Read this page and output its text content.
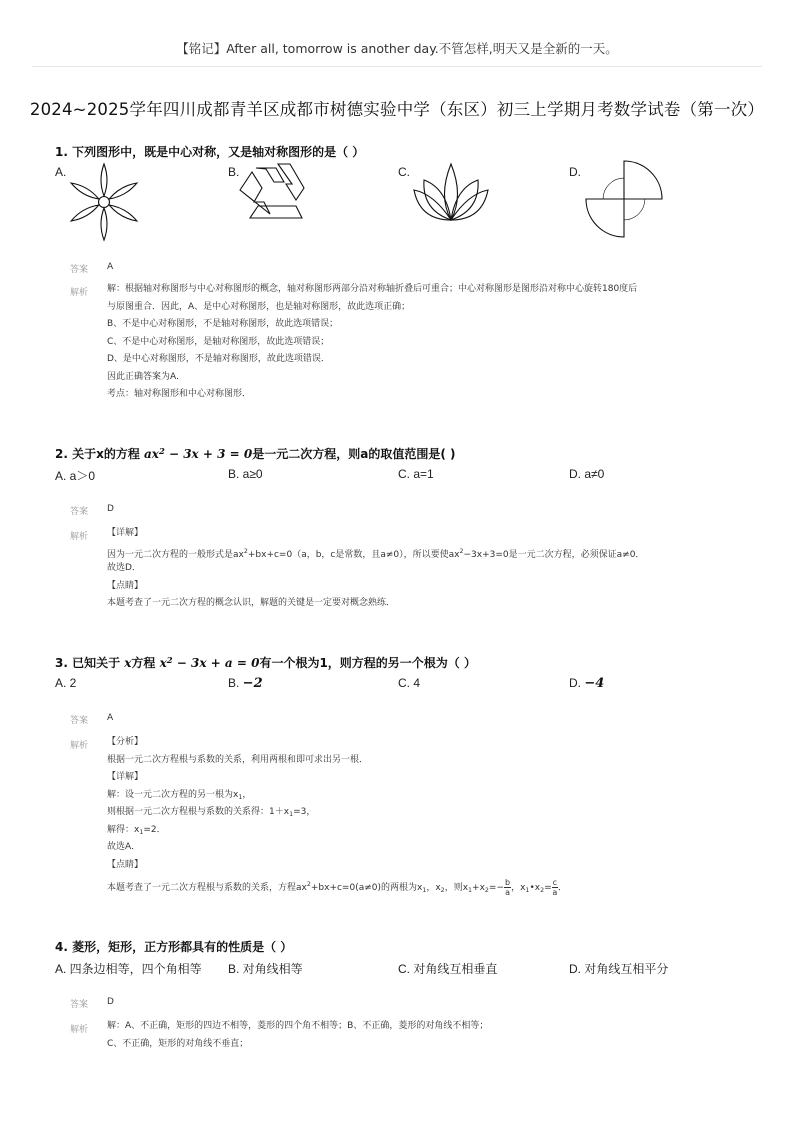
【铭记】After all, tomorrow is another day.不管怎样,明天又是全新的一天。
2024~2025学年四川成都青羊区成都市树德实验中学（东区）初三上学期月考数学试卷（第一次）
1. 下列图形中，既是中心对称，又是轴对称图形的是（ ）
A.	B.	C.	D.
答案 A
解析 解：根据轴对称图形与中心对称图形的概念，轴对称图形两部分沿对称轴折叠后可重合；中心对称图形是图形沿对称中心旋转180度后
与原图重合．因此，A、是中心对称图形，也是轴对称图形，故此选项正确；
B、不是中心对称图形，不是轴对称图形，故此选项错误；
C、不是中心对称图形，是轴对称图形，故此选项错误；
D、是中心对称图形，不是轴对称图形，故此选项错误．
因此正确答案为A．
考点：轴对称图形和中心对称图形．
2. 关于x的方程 $ax^2 - 3x + 3 = 0$是一元二次方程，则a的取值范围是( )
A. a＞0	B. a≥0	C. a=1	D. a≠0
答案 D
解析 【详解】
因为一元二次方程的一般形式是$ax^2+bx+c=0(a$，b，c是常数，且a≠0），所以要使$ax^2-3x+3=0$是一元二次方程，必须保证a≠0．
故选D．
【点睛】
本题考查了一元二次方程的概念认识，解题的关键是一定要对概念熟练．
3. 已知关于 x方程 $x^2 - 3x + a = 0$有一个根为1，则方程的另一个根为（ ）
A. 2	B. −2	C. 4	D. −4
答案 A
解析 【分析】
根据一元二次方程根与系数的关系，利用两根和即可求出另一根．
【详解】
解：设一元二次方程的另一根为$x_1$，
则根据一元二次方程根与系数的关系得：$1+x_1=3$，
解得：$x_1=2$．
故选A．
【点睛】
本题考查了一元二次方程根与系数的关系，方程$ax^2+bx+c=0(a\ne 0)$的两根为$x_1$，$x_2$，则$x_1+x_2=- \frac{b}{a}$ ，$x_1•x_2= \frac{c}{a}$ ．
4. 菱形，矩形，正方形都具有的性质是（ ）
A. 四条边相等，四个角相等 B. 对角线相等	C. 对角线互相垂直	D. 对角线互相平分
答案 D
解析 解：A、不正确，矩形的四边不相等，菱形的四个角不相等；B、不正确，菱形的对角线不相等；
C、不正确，矩形的对角线不垂直；
